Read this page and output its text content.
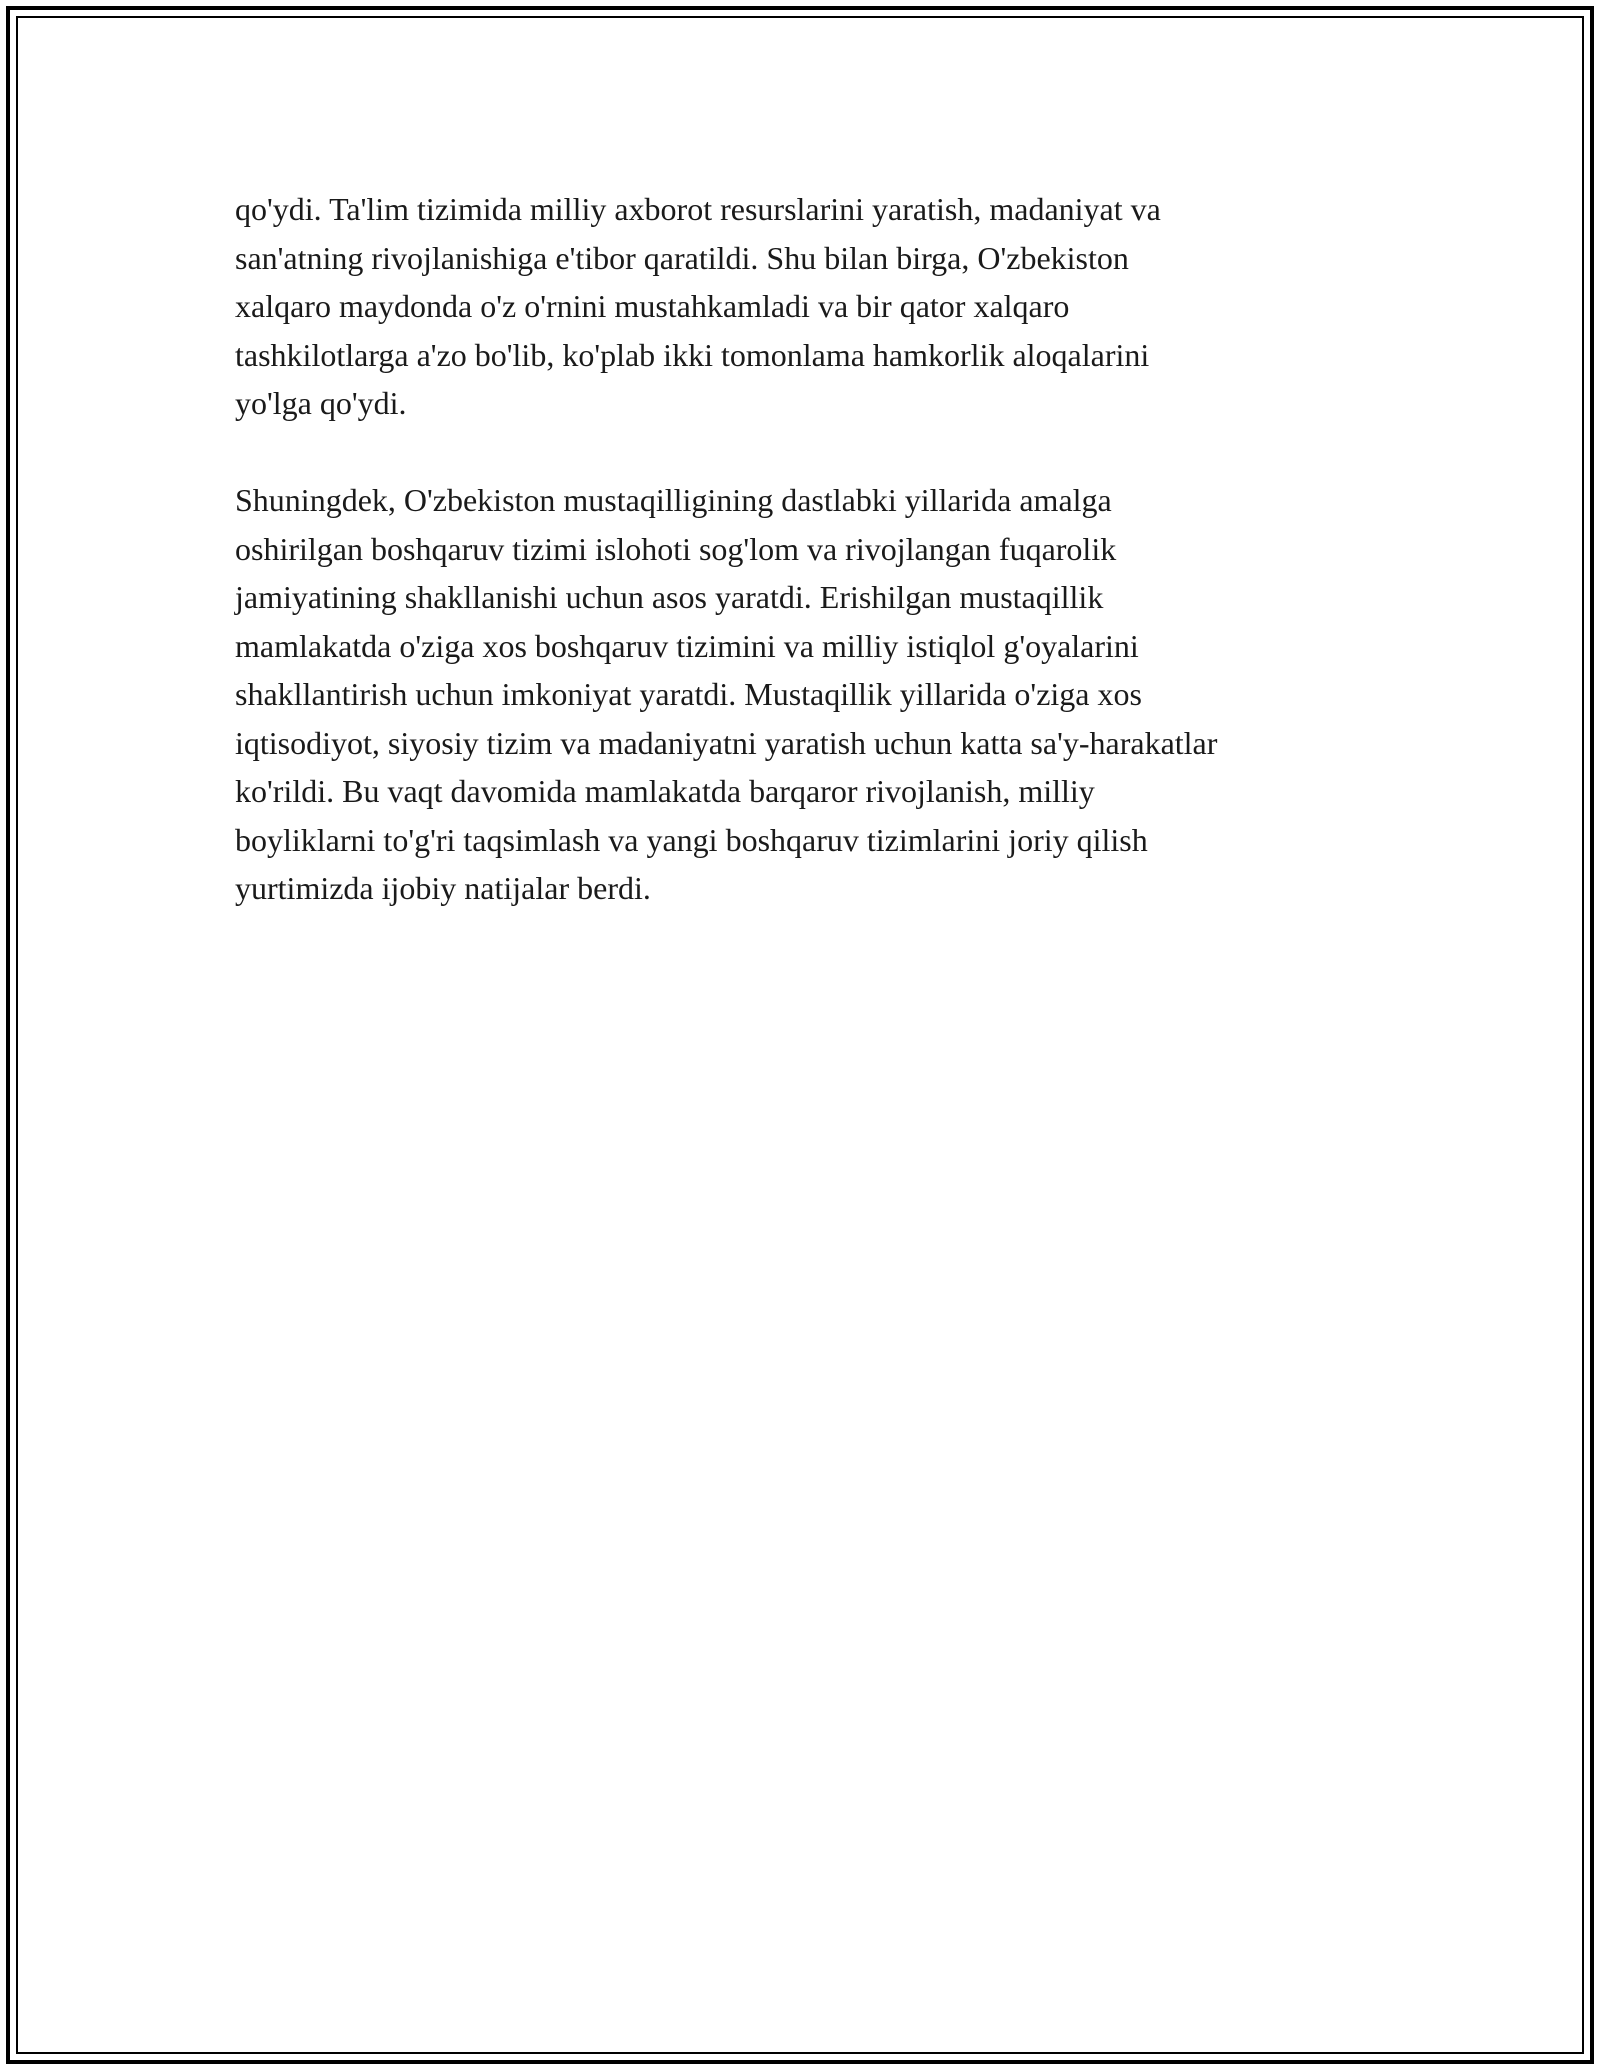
qo'ydi. Ta'lim tizimida milliy axborot resurslarini yaratish, madaniyat va
san'atning rivojlanishiga e'tibor qaratildi. Shu bilan birga, O'zbekiston
xalqaro maydonda o'z o'rnini mustahkamladi va bir qator xalqaro
tashkilotlarga a'zo bo'lib, ko'plab ikki tomonlama hamkorlik aloqalarini
yo'lga qo'ydi.

Shuningdek, O'zbekiston mustaqilligining dastlabki yillarida amalga
oshirilgan boshqaruv tizimi islohoti sog'lom va rivojlangan fuqarolik
jamiyatining shakllanishi uchun asos yaratdi. Erishilgan mustaqillik
mamlakatda o'ziga xos boshqaruv tizimini va milliy istiqlol g'oyalarini
shakllantirish uchun imkoniyat yaratdi. Mustaqillik yillarida o'ziga xos
iqtisodiyot, siyosiy tizim va madaniyatni yaratish uchun katta sa'y-harakatlar
ko'rildi. Bu vaqt davomida mamlakatda barqaror rivojlanish, milliy
boyliklarni to'g'ri taqsimlash va yangi boshqaruv tizimlarini joriy qilish
yurtimizda ijobiy natijalar berdi.
